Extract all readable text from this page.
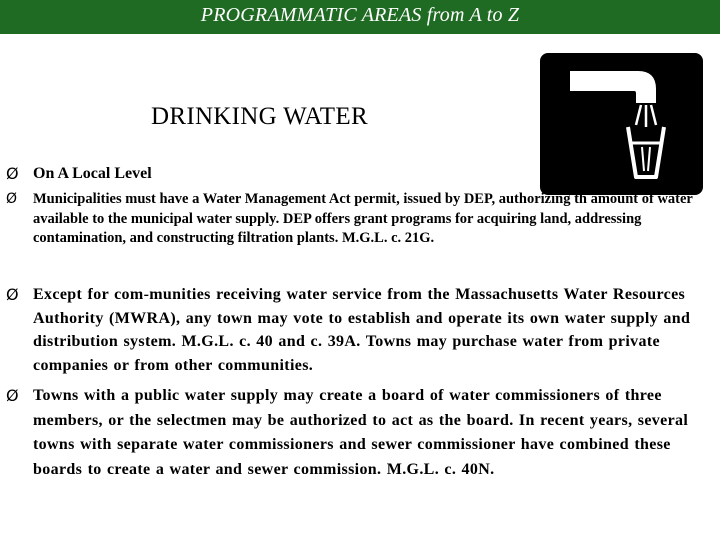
PROGRAMMATIC AREAS from A to Z
DRINKING WATER
Ø On A Local Level
Ø	Municipalities must have a Water Management Act permit, issued by DEP, authorizing th amount of water available to the municipal water supply. DEP offers grant programs for acquiring land, addressing contamination, and constructing filtration plants. M.G.L. c. 21G.
Ø Except for com-munities receiving water service from the Massachusetts Water Resources Authority (MWRA), any town may vote to establish and operate its own water supply and distribution system. M.G.L. c. 40 and c. 39A. Towns may purchase water from private companies or from other communities.
Ø Towns with a public water supply may create a board of water commissioners of three members, or the selectmen may be authorized to act as the board. In recent years, several towns with separate water commissioners and sewer commissioner have combined these boards to create a water and sewer commission. M.G.L. c. 40N.
